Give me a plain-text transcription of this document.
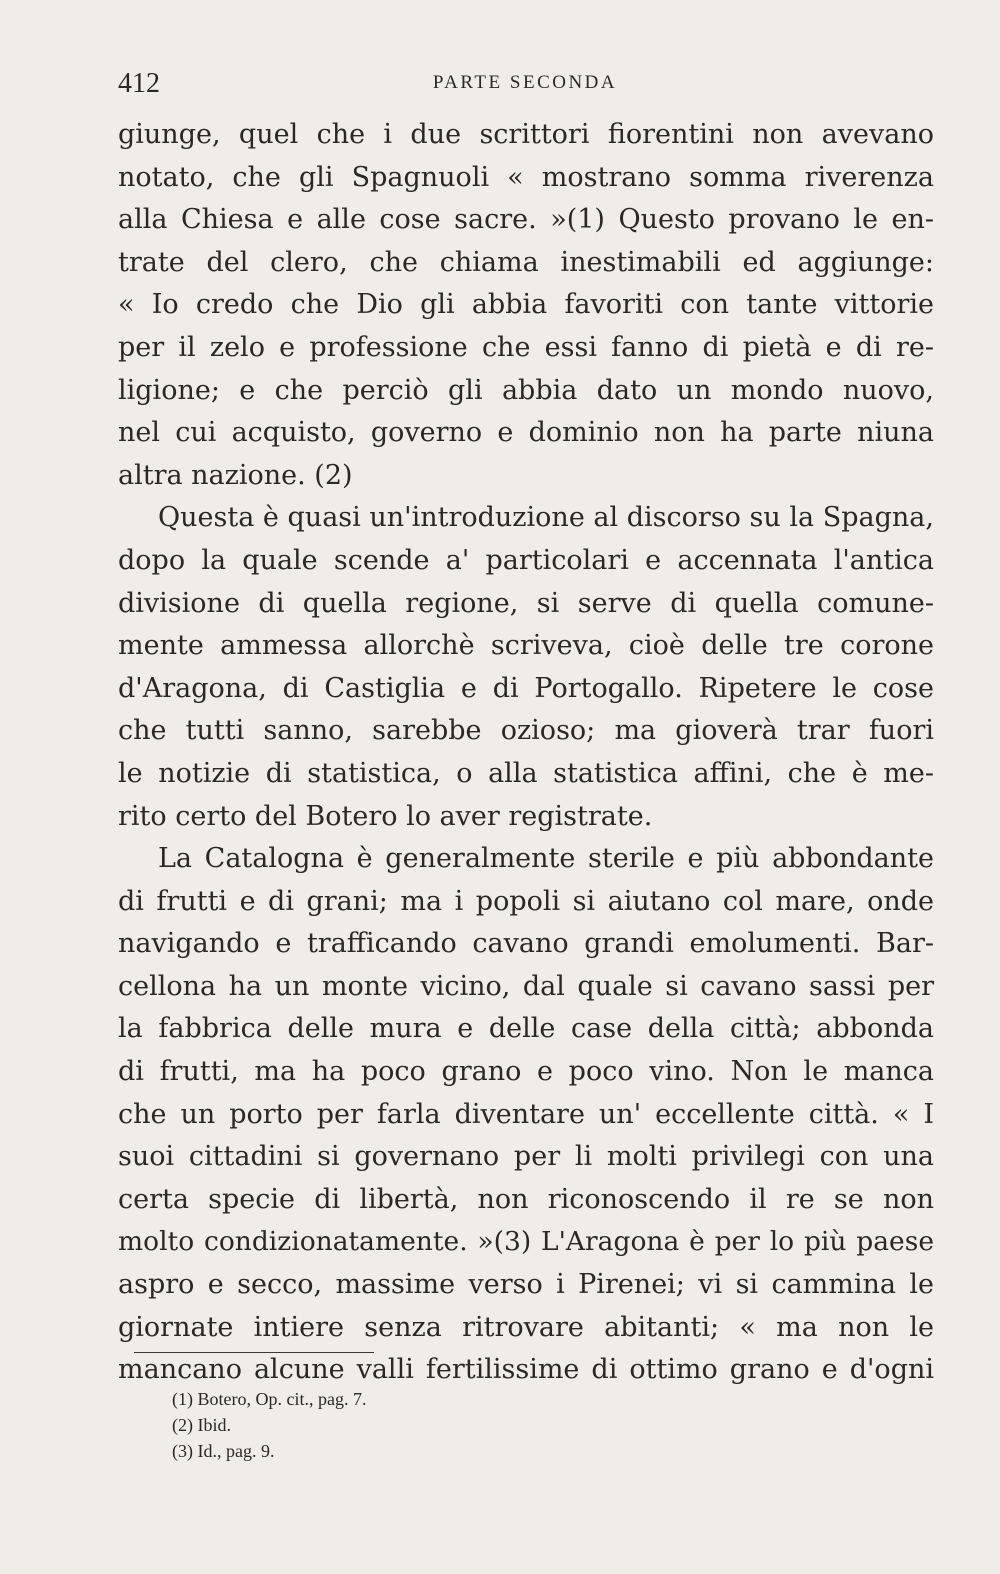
412	PARTE SECONDA
giunge, quel che i due scrittori fiorentini non avevano
notato, che gli Spagnuoli « mostrano somma riverenza
alla Chiesa e alle cose sacre. »(1) Questo provano le en-
trate del clero, che chiama inestimabili ed aggiunge:
« Io credo che Dio gli abbia favoriti con tante vittorie
per il zelo e professione che essi fanno di pietà e di re-
ligione; e che perciò gli abbia dato un mondo nuovo,
nel cui acquisto, governo e dominio non ha parte niuna
altra nazione. (2)
Questa è quasi un'introduzione al discorso su la Spagna,
dopo la quale scende a' particolari e accennata l'antica
divisione di quella regione, si serve di quella comune-
mente ammessa allorchè scriveva, cioè delle tre corone
d'Aragona, di Castiglia e di Portogallo. Ripetere le cose
che tutti sanno, sarebbe ozioso; ma gioverà trar fuori
le notizie di statistica, o alla statistica affini, che è me-
rito certo del Botero lo aver registrate.
La Catalogna è generalmente sterile e più abbondante
di frutti e di grani; ma i popoli si aiutano col mare, onde
navigando e trafficando cavano grandi emolumenti. Bar-
cellona ha un monte vicino, dal quale si cavano sassi per
la fabbrica delle mura e delle case della città; abbonda
di frutti, ma ha poco grano e poco vino. Non le manca
che un porto per farla diventare un' eccellente città. « I
suoi cittadini si governano per li molti privilegi con una
certa specie di libertà, non riconoscendo il re se non
molto condizionatamente. »(3) L'Aragona è per lo più paese
aspro e secco, massime verso i Pirenei; vi si cammina le
giornate intiere senza ritrovare abitanti; « ma non le
mancano alcune valli fertilissime di ottimo grano e d'ogni
(1) Botero, Op. cit., pag. 7.
(2) Ibid.
(3) Id., pag. 9.
